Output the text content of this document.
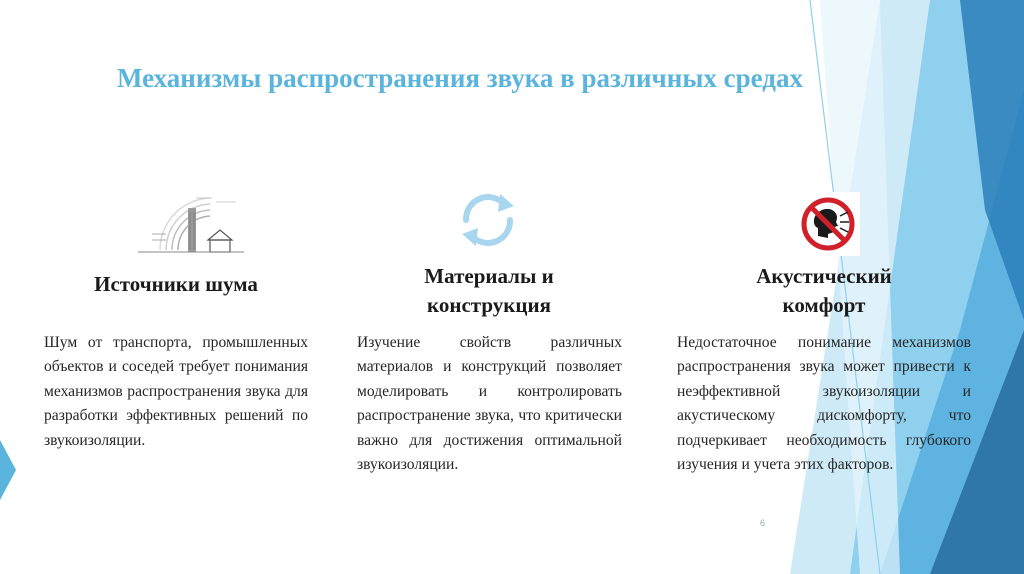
Механизмы распространения звука в различных средах
Источники шума

Шум от транспорта, промышленных объектов и соседей требует понимания механизмов распространения звука для разработки эффективных решений по звукоизоляции.

Материалы и конструкция

Изучение свойств различных материалов и конструкций позволяет моделировать и контролировать распространение звука, что критически важно для достижения оптимальной звукоизоляции.

Акустический комфорт

Недостаточное понимание механизмов распространения звука может привести к неэффективной звукоизоляции и акустическому дискомфорту, что подчеркивает необходимость глубокого изучения и учета этих факторов.

6
